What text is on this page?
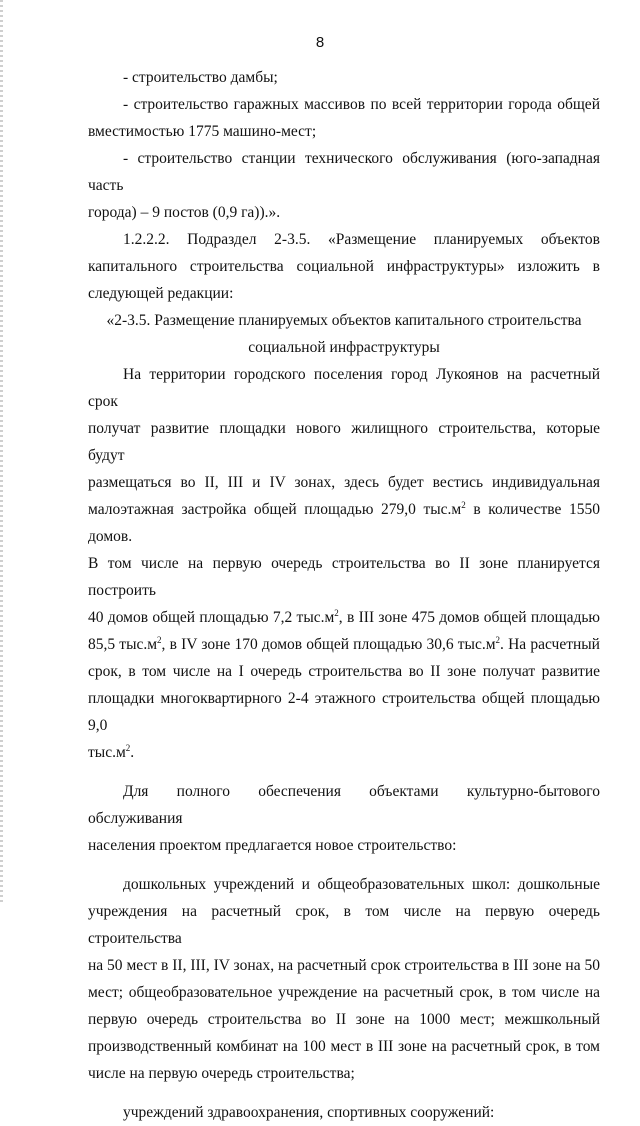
8

- строительство дамбы;

- строительство гаражных массивов по всей территории города общей

вместимостью 1775 машино-мест;

- строительство станции технического обслуживания (юго-западная часть

города) – 9 постов (0,9 га)).».

1.2.2.2. Подраздел 2-3.5. «Размещение планируемых объектов

капитального строительства социальной инфраструктуры» изложить в

следующей редакции:

«2-3.5. Размещение планируемых объектов капитального строительства

социальной инфраструктуры

На территории городского поселения город Лукоянов на расчетный срок

получат развитие площадки нового жилищного строительства, которые будут

размещаться во II, III и IV зонах, здесь будет вестись индивидуальная

малоэтажная застройка общей площадью 279,0 $тыс.м^2$ в количестве 1550 домов.

В том числе на первую очередь строительства во II зоне планируется построить

40 домов общей площадью 7,2 $тыс.м^2$, в III зоне 475 домов общей площадью

85,5 $тыс.м^2$, в IV зоне 170 домов общей площадью 30,6 $тыс.м^2$. На расчетный

срок, в том числе на I очередь строительства во II зоне получат развитие

площадки многоквартирного 2-4 этажного строительства общей площадью 9,0

$тыс.м^2$.

Для полного обеспечения объектами культурно-бытового обслуживания

населения проектом предлагается новое строительство:

дошкольных учреждений и общеобразовательных школ: дошкольные

учреждения на расчетный срок, в том числе на первую очередь строительства

на 50 мест в II, III, IV зонах, на расчетный срок строительства в III зоне на 50

мест; общеобразовательное учреждение на расчетный срок, в том числе на

первую очередь строительства во II зоне на 1000 мест; межшкольный

производственный комбинат на 100 мест в III зоне на расчетный срок, в том

числе на первую очередь строительства;

учреждений здравоохранения, спортивных сооружений:
